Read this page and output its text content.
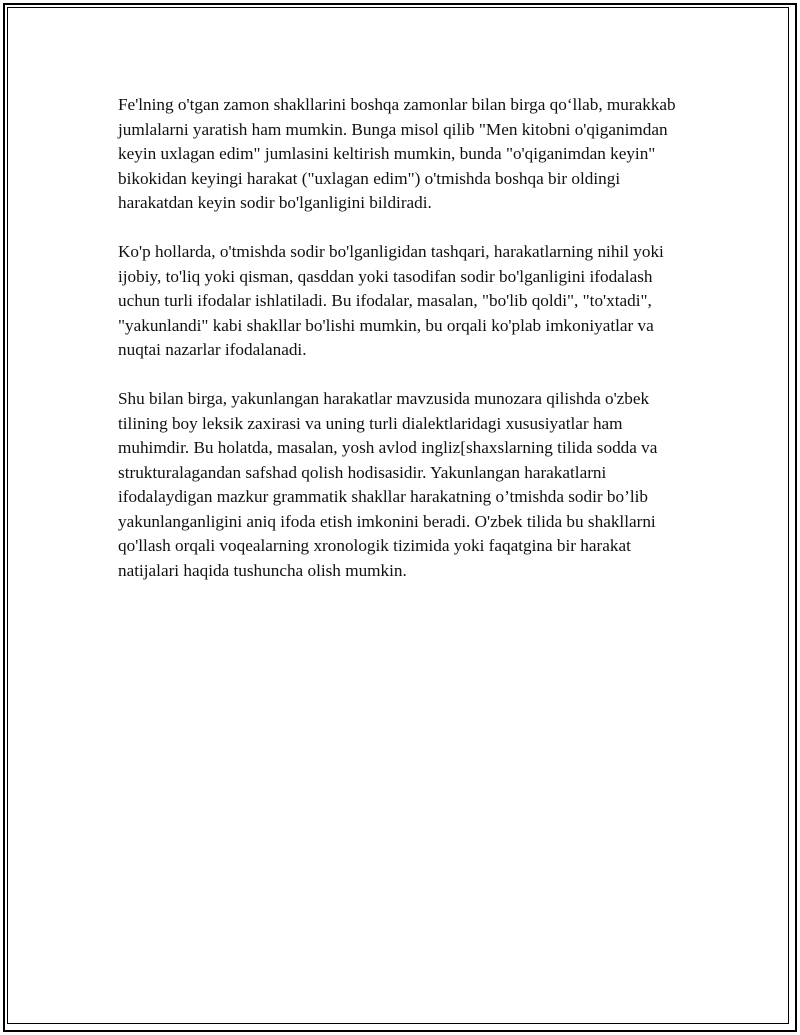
Fe'lning o'tgan zamon shakllarini boshqa zamonlar bilan birga qo‘llab, murakkab jumlalarni yaratish ham mumkin. Bunga misol qilib "Men kitobni o'qiganimdan keyin uxlagan edim" jumlasini keltirish mumkin, bunda "o'qiganimdan keyin" bikokidan keyingi harakat ("uxlagan edim") o'tmishda boshqa bir oldingi harakatdan keyin sodir bo'lganligini bildiradi.

Ko'p hollarda, o'tmishda sodir bo'lganligidan tashqari, harakatlarning nihil yoki ijobiy, to'liq yoki qisman, qasddan yoki tasodifan sodir bo'lganligini ifodalash uchun turli ifodalar ishlatiladi. Bu ifodalar, masalan, "bo'lib qoldi", "to'xtadi", "yakunlandi" kabi shakllar bo'lishi mumkin, bu orqali ko'plab imkoniyatlar va nuqtai nazarlar ifodalanadi.

Shu bilan birga, yakunlangan harakatlar mavzusida munozara qilishda o'zbek tilining boy leksik zaxirasi va uning turli dialektlaridagi xususiyatlar ham muhimdir. Bu holatda, masalan, yosh avlod ingliz[shaxslarning tilida sodda va strukturalagandan safshad qolish hodisasidir. Yakunlangan harakatlarni ifodalaydigan mazkur grammatik shakllar harakatning o’tmishda sodir bo’lib yakunlanganligini aniq ifoda etish imkonini beradi. O'zbek tilida bu shakllarni qo'llash orqali voqealarning xronologik tizimida yoki faqatgina bir harakat natijalari haqida tushuncha olish mumkin.
